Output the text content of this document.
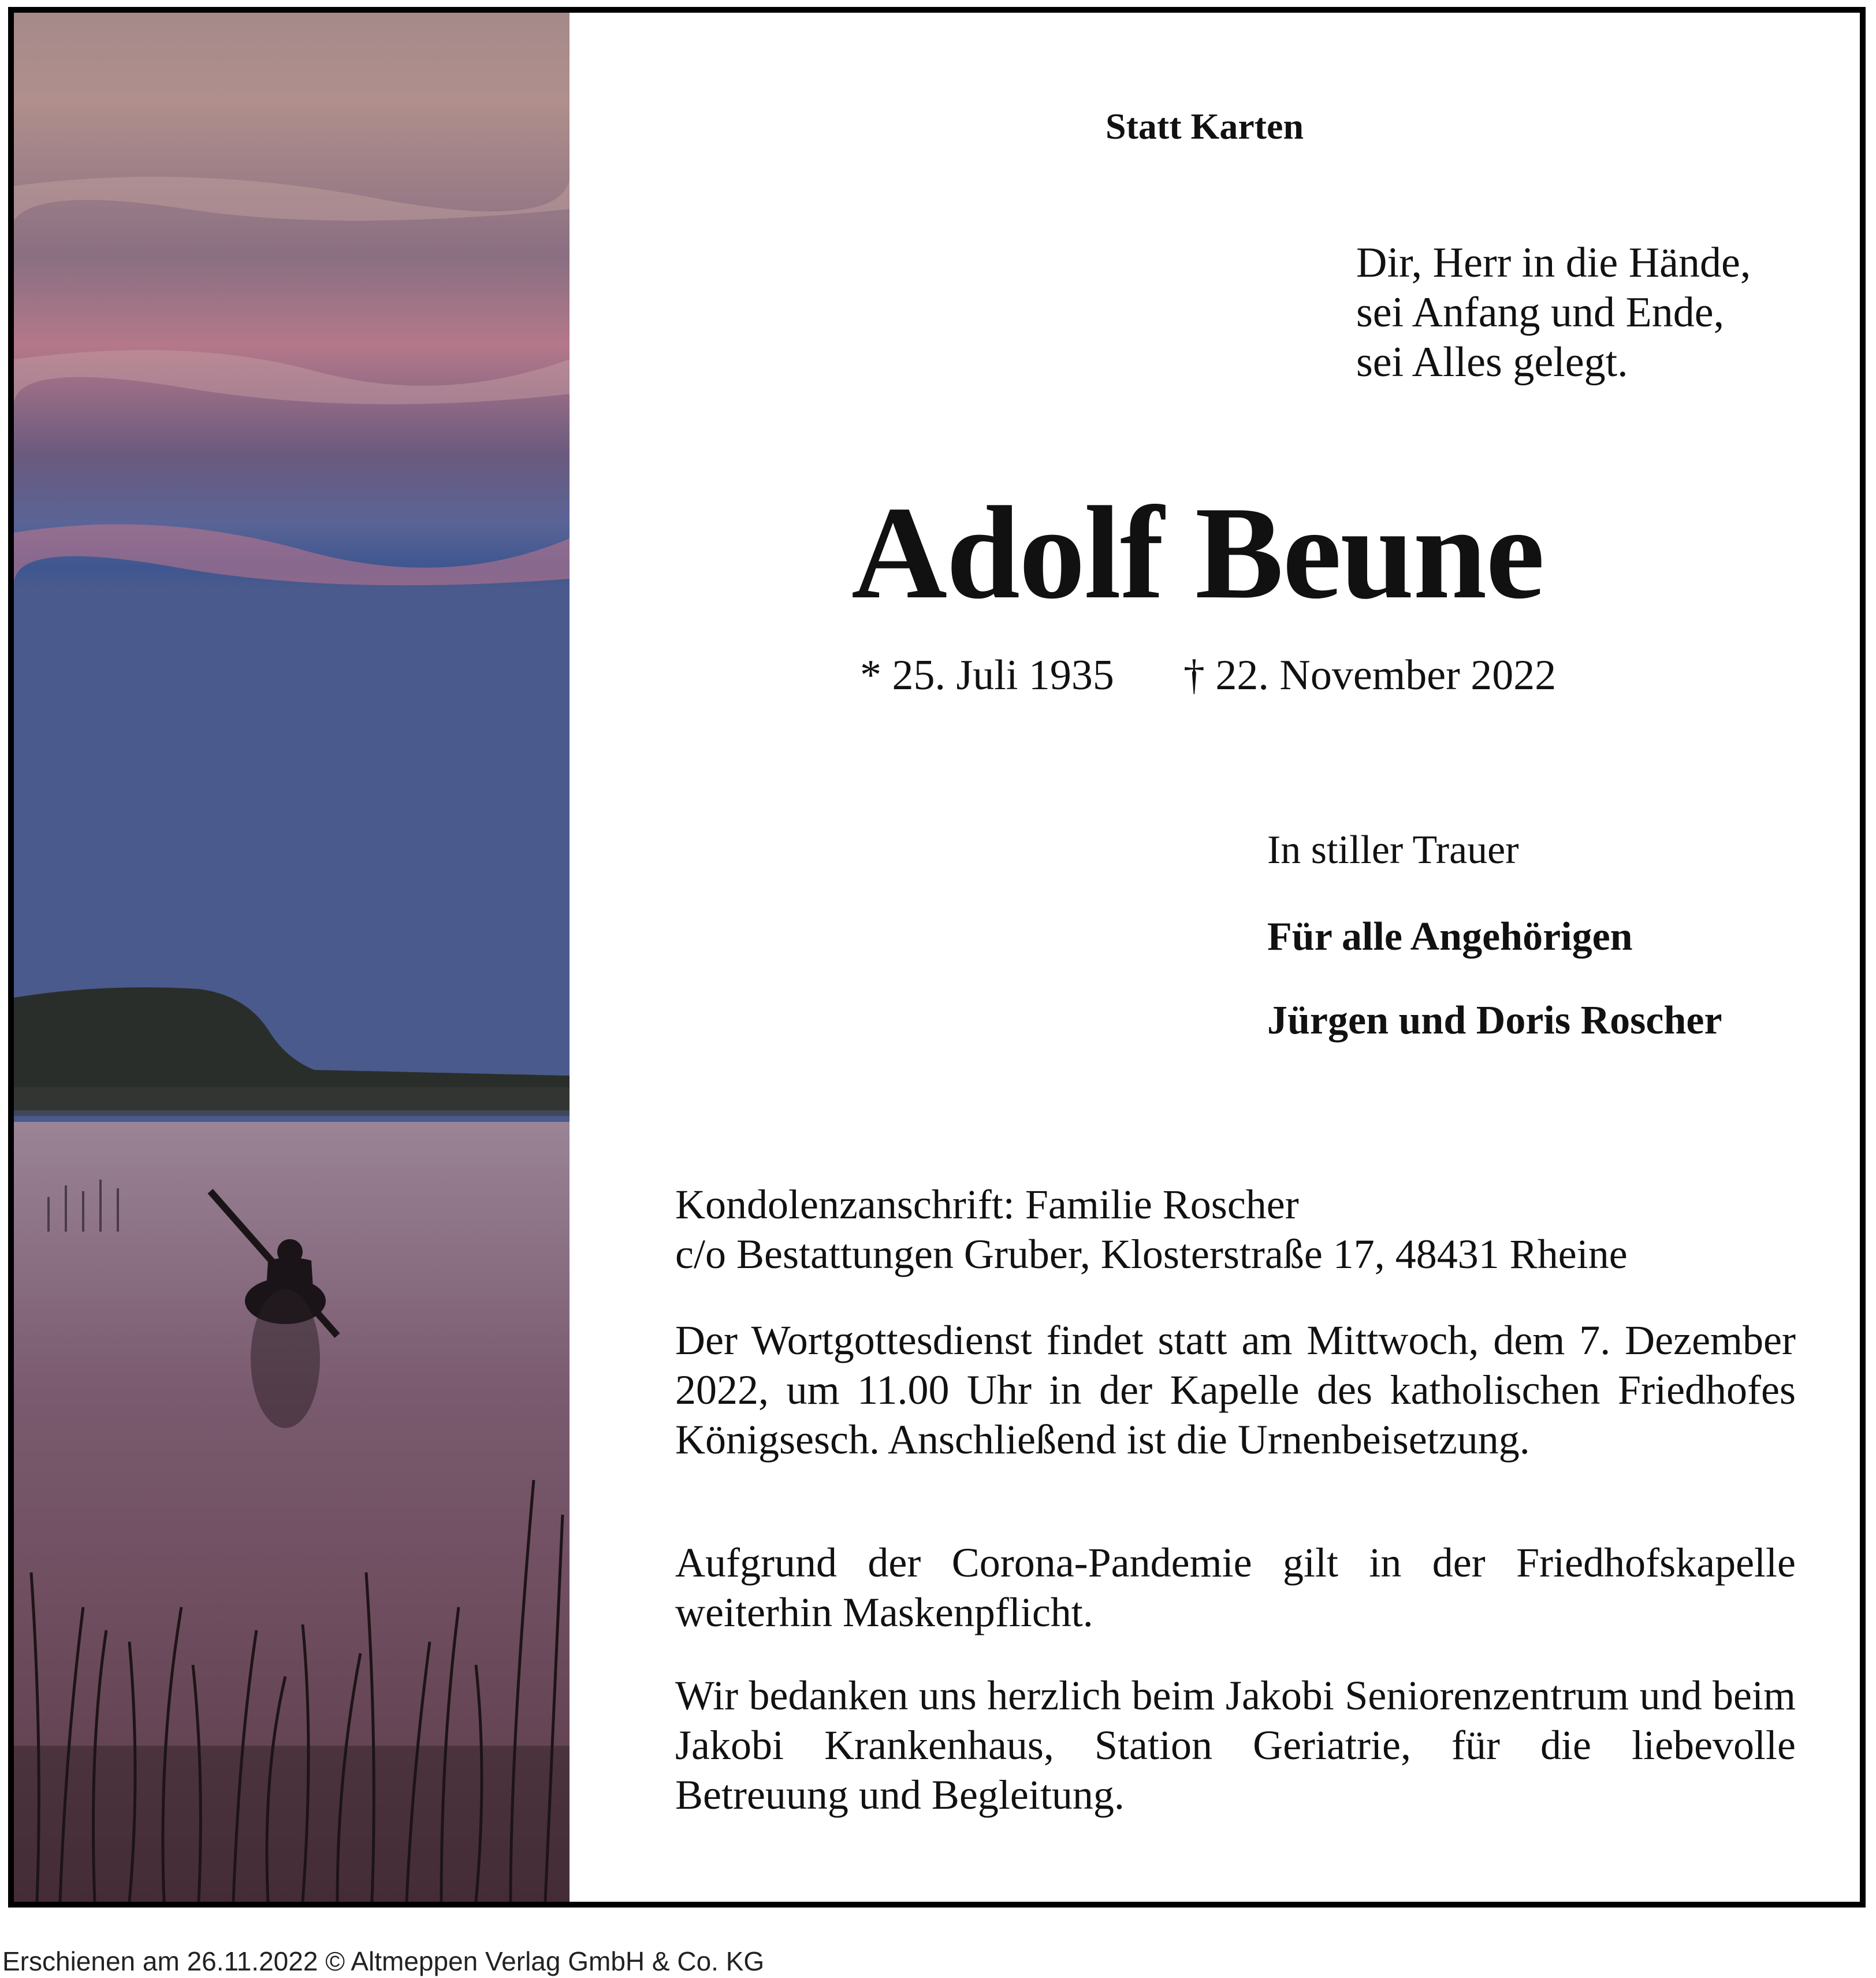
Statt Karten

Dir, Herr in die Hände,
sei Anfang und Ende,
sei Alles gelegt.
Adolf Beune
* 25. Juli 1935 † 22. November 2022

In stiller Trauer

Für alle Angehörigen

Jürgen und Doris Roscher

Kondolenzanschrift: Familie Roscher
c/o Bestattungen Gruber, Klosterstraße 17, 48431 Rheine

Der Wortgottesdienst findet statt am Mittwoch, dem 7. Dezember 2022, um 11.00 Uhr in der Kapelle des katholischen Friedhofes Königsesch. Anschließend ist die Urnenbeisetzung.

Aufgrund der Corona-Pandemie gilt in der Friedhofskapelle weiterhin Maskenpflicht.

Wir bedanken uns herzlich beim Jakobi Seniorenzentrum und beim Jakobi Krankenhaus, Station Geriatrie, für die liebevolle Betreuung und Begleitung.

Erschienen am 26.11.2022 © Altmeppen Verlag GmbH & Co. KG
